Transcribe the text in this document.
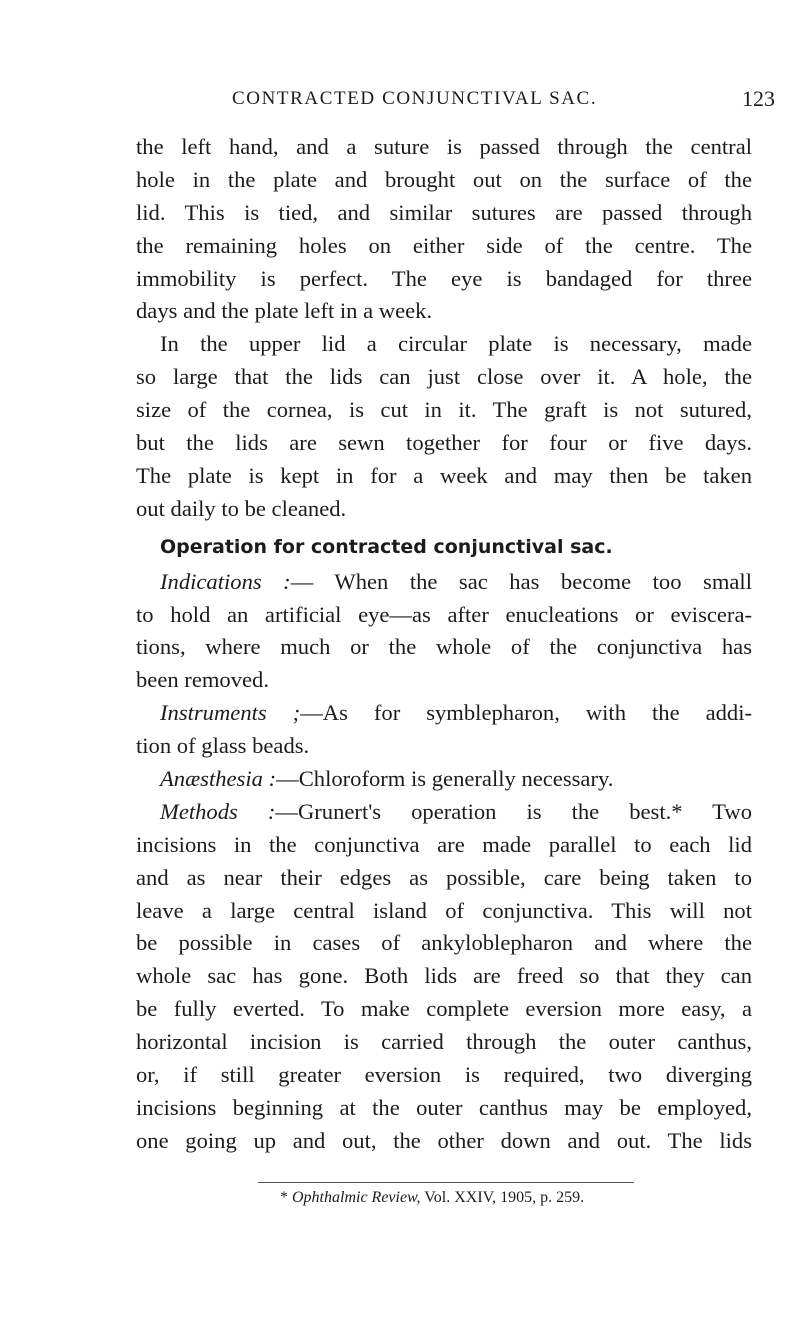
CONTRACTED CONJUNCTIVAL SAC.	123
the left hand, and a suture is passed through the central
hole in the plate and brought out on the surface of the
lid. This is tied, and similar sutures are passed through
the remaining holes on either side of the centre. The
immobility is perfect. The eye is bandaged for three
days and the plate left in a week.
In the upper lid a circular plate is necessary, made
so large that the lids can just close over it. A hole, the
size of the cornea, is cut in it. The graft is not sutured,
but the lids are sewn together for four or five days.
The plate is kept in for a week and may then be taken
out daily to be cleaned.
Operation for contracted conjunctival sac.
Indications :— When the sac has become too small
to hold an artificial eye—as after enucleations or eviscera-
tions, where much or the whole of the conjunctiva has
been removed.
Instruments ;—As for symblepharon, with the addi-
tion of glass beads.
Anæsthesia :—Chloroform is generally necessary.
Methods :—Grunert's operation is the best.* Two
incisions in the conjunctiva are made parallel to each lid
and as near their edges as possible, care being taken to
leave a large central island of conjunctiva. This will not
be possible in cases of ankyloblepharon and where the
whole sac has gone. Both lids are freed so that they can
be fully everted. To make complete eversion more easy, a
horizontal incision is carried through the outer canthus,
or, if still greater eversion is required, two diverging
incisions beginning at the outer canthus may be employed,
one going up and out, the other down and out. The lids
* Ophthalmic Review, Vol. XXIV, 1905, p. 259.
